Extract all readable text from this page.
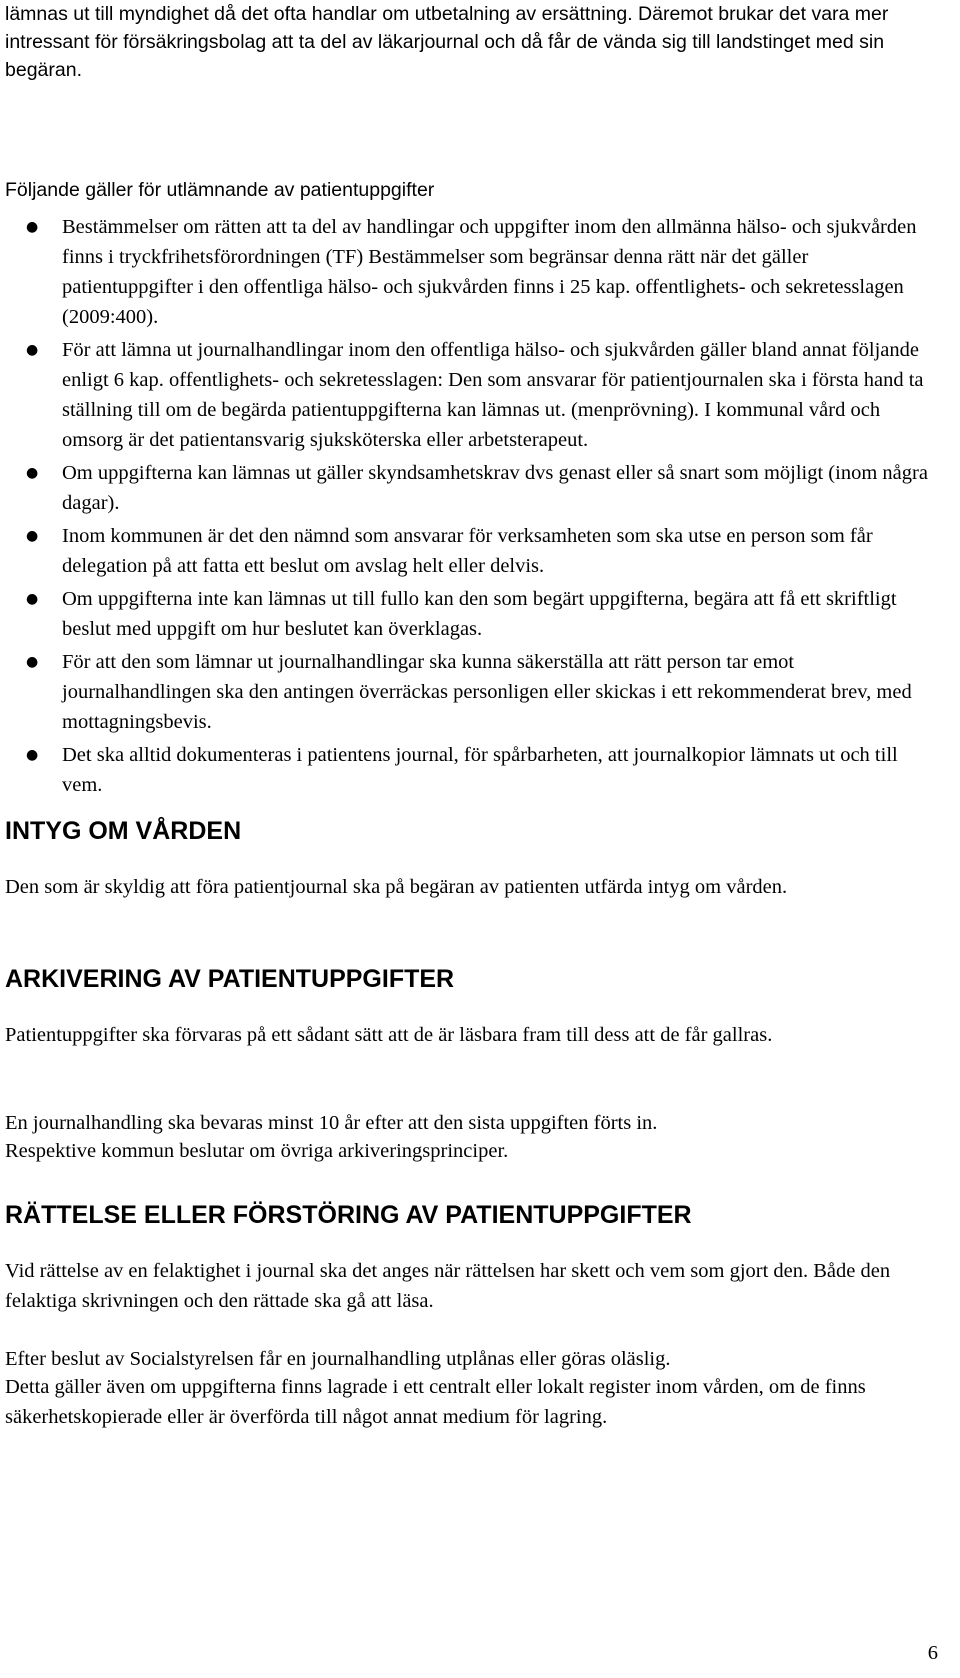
lämnas ut till myndighet då det ofta handlar om utbetalning av ersättning. Däremot brukar det vara mer intressant för försäkringsbolag att ta del av läkarjournal och då får de vända sig till landstinget med sin begäran.

Följande gäller för utlämnande av patientuppgifter

● Bestämmelser om rätten att ta del av handlingar och uppgifter inom den allmänna hälso- och sjukvården finns i tryckfrihetsförordningen (TF) Bestämmelser som begränsar denna rätt när det gäller patientuppgifter i den offentliga hälso- och sjukvården finns i 25 kap. offentlighets- och sekretesslagen (2009:400).
● För att lämna ut journalhandlingar inom den offentliga hälso- och sjukvården gäller bland annat följande enligt 6 kap. offentlighets- och sekretesslagen: Den som ansvarar för patientjournalen ska i första hand ta ställning till om de begärda patientuppgifterna kan lämnas ut. (menprövning). I kommunal vård och omsorg är det patientansvarig sjuksköterska eller arbetsterapeut.
● Om uppgifterna kan lämnas ut gäller skyndsamhetskrav dvs genast eller så snart som möjligt (inom några dagar).
● Inom kommunen är det den nämnd som ansvarar för verksamheten som ska utse en person som får delegation på att fatta ett beslut om avslag helt eller delvis.
● Om uppgifterna inte kan lämnas ut till fullo kan den som begärt uppgifterna, begära att få ett skriftligt beslut med uppgift om hur beslutet kan överklagas.
● För att den som lämnar ut journalhandlingar ska kunna säkerställa att rätt person tar emot journalhandlingen ska den antingen överräckas personligen eller skickas i ett rekommenderat brev, med mottagningsbevis.
● Det ska alltid dokumenteras i patientens journal, för spårbarheten, att journalkopior lämnats ut och till vem.
INTYG OM VÅRDEN

Den som är skyldig att föra patientjournal ska på begäran av patienten utfärda intyg om vården.

ARKIVERING AV PATIENTUPPGIFTER

Patientuppgifter ska förvaras på ett sådant sätt att de är läsbara fram till dess att de får gallras.

En journalhandling ska bevaras minst 10 år efter att den sista uppgiften förts in.

Respektive kommun beslutar om övriga arkiveringsprinciper.

RÄTTELSE ELLER FÖRSTÖRING AV PATIENTUPPGIFTER

Vid rättelse av en felaktighet i journal ska det anges när rättelsen har skett och vem som gjort den. Både den felaktiga skrivningen och den rättade ska gå att läsa.

Efter beslut av Socialstyrelsen får en journalhandling utplånas eller göras oläslig.

Detta gäller även om uppgifterna finns lagrade i ett centralt eller lokalt register inom vården, om de finns säkerhetskopierade eller är överförda till något annat medium för lagring.

6
